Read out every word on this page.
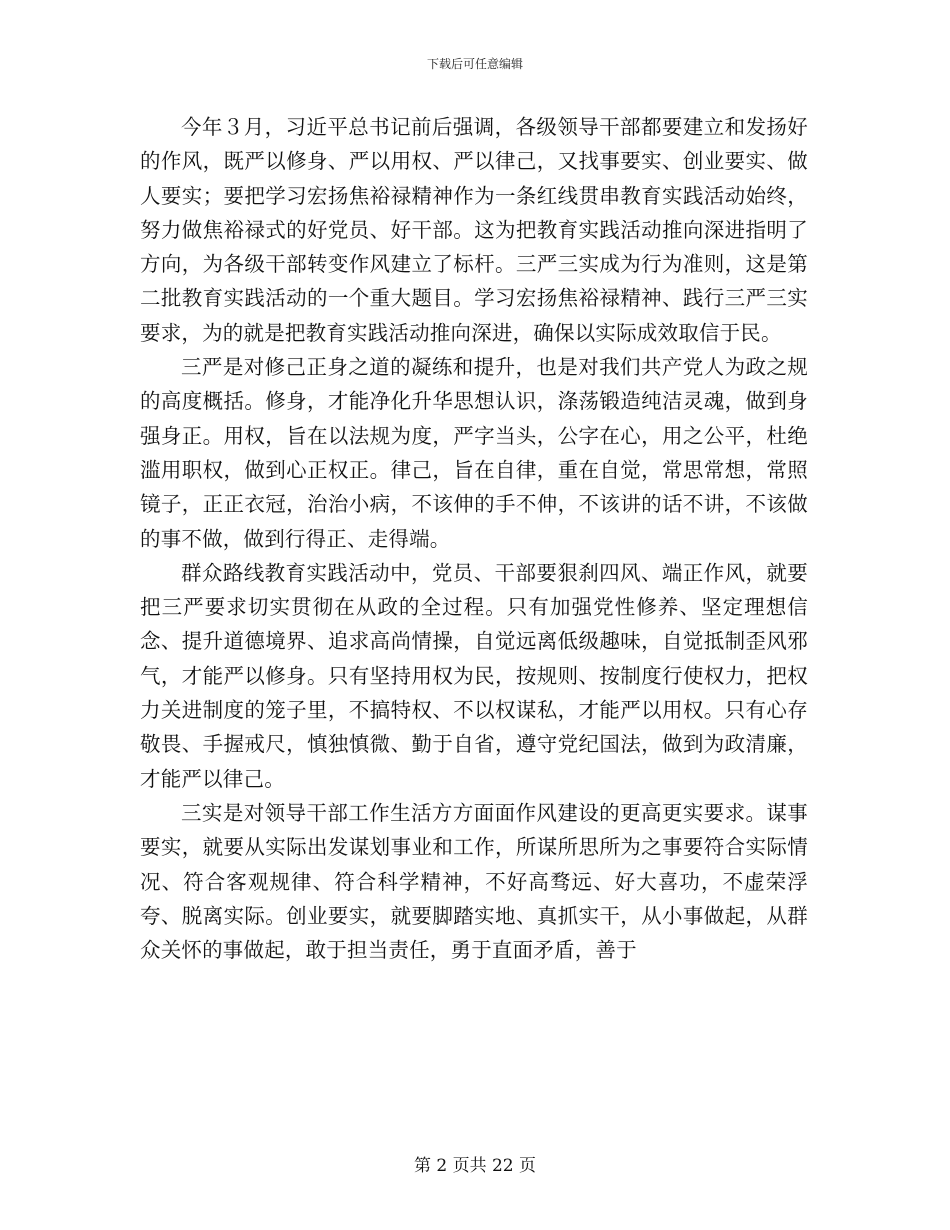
下载后可任意编辑

今年３月，习近平总书记前后强调，各级领导干部都要建立和发扬好的作风，既严以修身、严以用权、严以律己，又找事要实、创业要实、做人要实；要把学习宏扬焦裕禄精神作为一条红线贯串教育实践活动始终，努力做焦裕禄式的好党员、好干部。这为把教育实践活动推向深进指明了方向，为各级干部转变作风建立了标杆。三严三实成为行为准则，这是第二批教育实践活动的一个重大题目。学习宏扬焦裕禄精神、践行三严三实要求，为的就是把教育实践活动推向深进，确保以实际成效取信于民。

三严是对修己正身之道的凝练和提升，也是对我们共产党人为政之规的高度概括。修身，才能净化升华思想认识，涤荡锻造纯洁灵魂，做到身强身正。用权，旨在以法规为度，严字当头，公字在心，用之公平，杜绝滥用职权，做到心正权正。律己，旨在自律，重在自觉，常思常想，常照镜子，正正衣冠，治治小病，不该伸的手不伸，不该讲的话不讲，不该做的事不做，做到行得正、走得端。

群众路线教育实践活动中，党员、干部要狠刹四风、端正作风，就要把三严要求切实贯彻在从政的全过程。只有加强党性修养、坚定理想信念、提升道德境界、追求高尚情操，自觉远离低级趣味，自觉抵制歪风邪气，才能严以修身。只有坚持用权为民，按规则、按制度行使权力，把权力关进制度的笼子里，不搞特权、不以权谋私，才能严以用权。只有心存敬畏、手握戒尺，慎独慎微、勤于自省，遵守党纪国法，做到为政清廉，才能严以律己。

三实是对领导干部工作生活方方面面作风建设的更高更实要求。谋事要实，就要从实际出发谋划事业和工作，所谋所思所为之事要符合实际情况、符合客观规律、符合科学精神，不好高骛远、好大喜功，不虚荣浮夸、脱离实际。创业要实，就要脚踏实地、真抓实干，从小事做起，从群众关怀的事做起，敢于担当责任，勇于直面矛盾，善于

第 2 页共 22 页
